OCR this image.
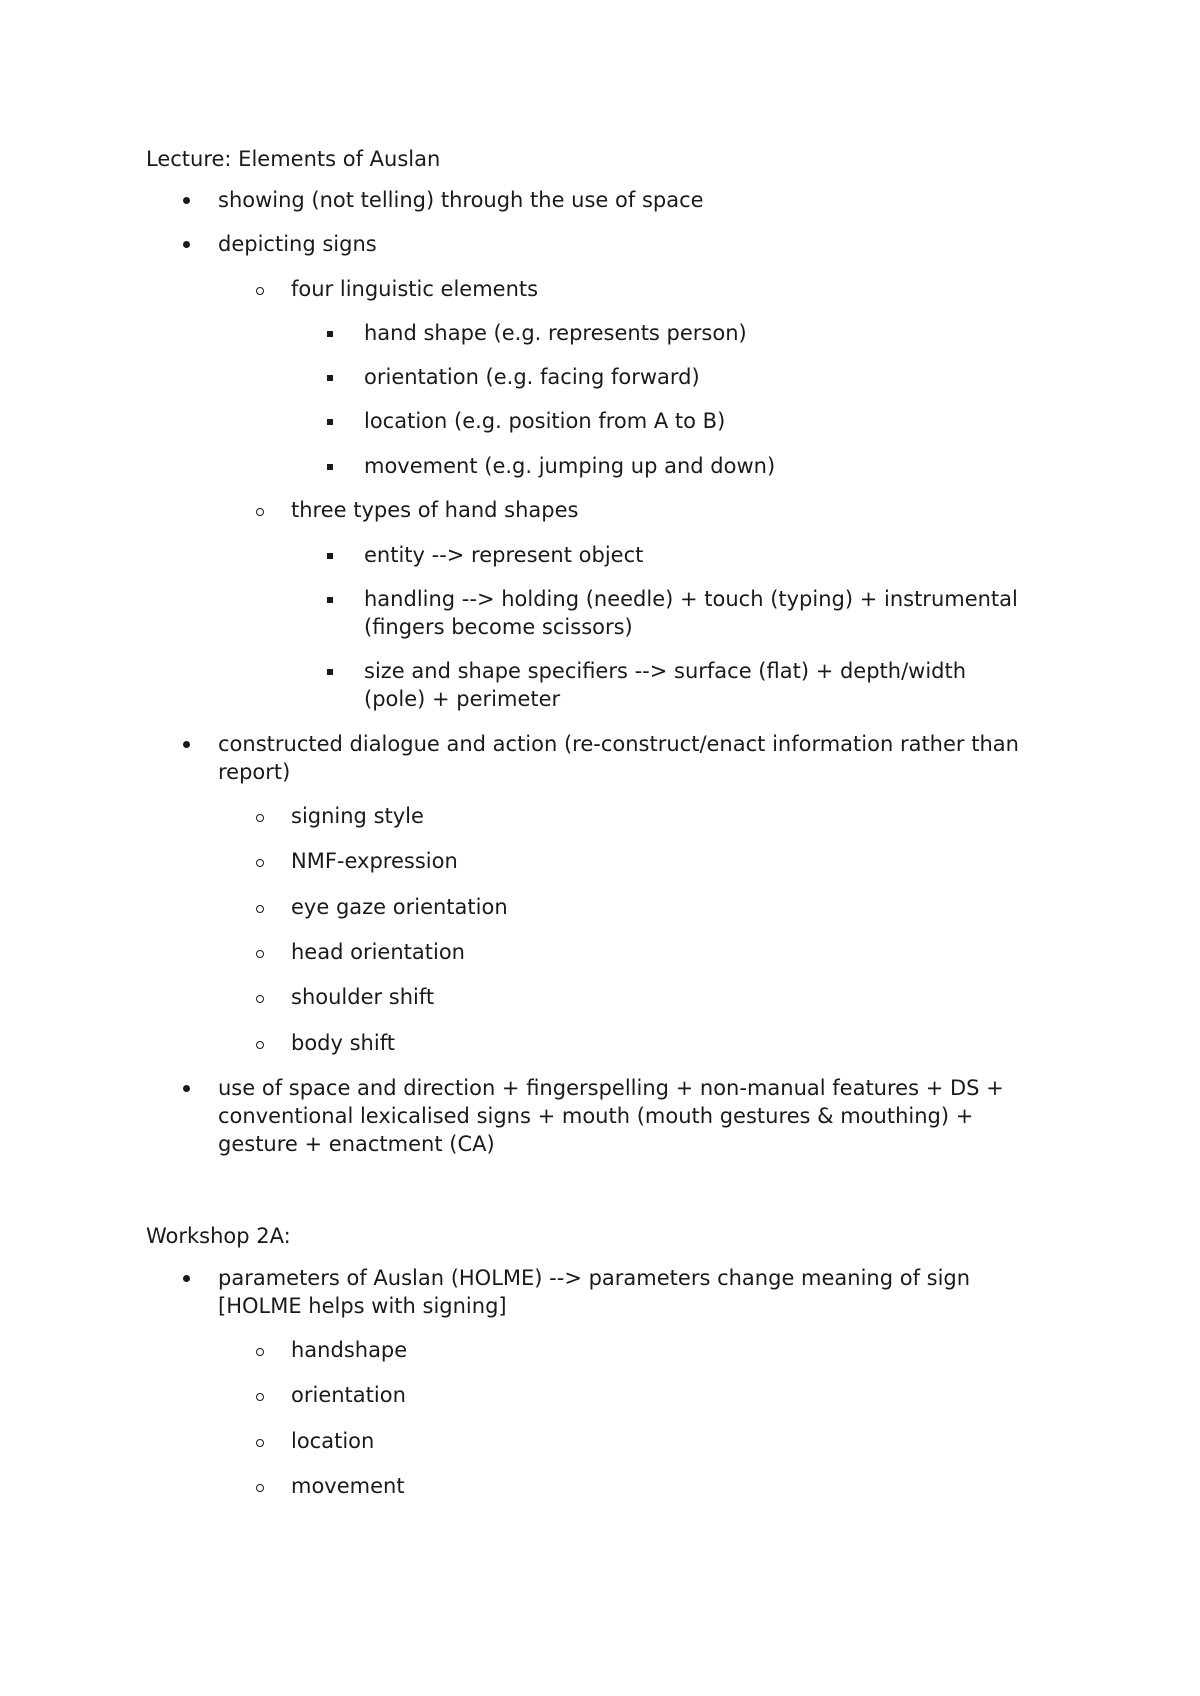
Lecture: Elements of Auslan
showing (not telling) through the use of space
depicting signs
four linguistic elements
hand shape (e.g. represents person)
orientation (e.g. facing forward)
location (e.g. position from A to B)
movement (e.g. jumping up and down)
three types of hand shapes
entity --> represent object
handling --> holding (needle) + touch (typing) + instrumental (fingers become scissors)
size and shape specifiers --> surface (flat) + depth/width (pole) + perimeter
constructed dialogue and action (re-construct/enact information rather than report)
signing style
NMF-expression
eye gaze orientation
head orientation
shoulder shift
body shift
use of space and direction + fingerspelling + non-manual features + DS + conventional lexicalised signs + mouth (mouth gestures & mouthing) + gesture + enactment (CA)
Workshop 2A:
parameters of Auslan (HOLME) --> parameters change meaning of sign [HOLME helps with signing]
handshape
orientation
location
movement
